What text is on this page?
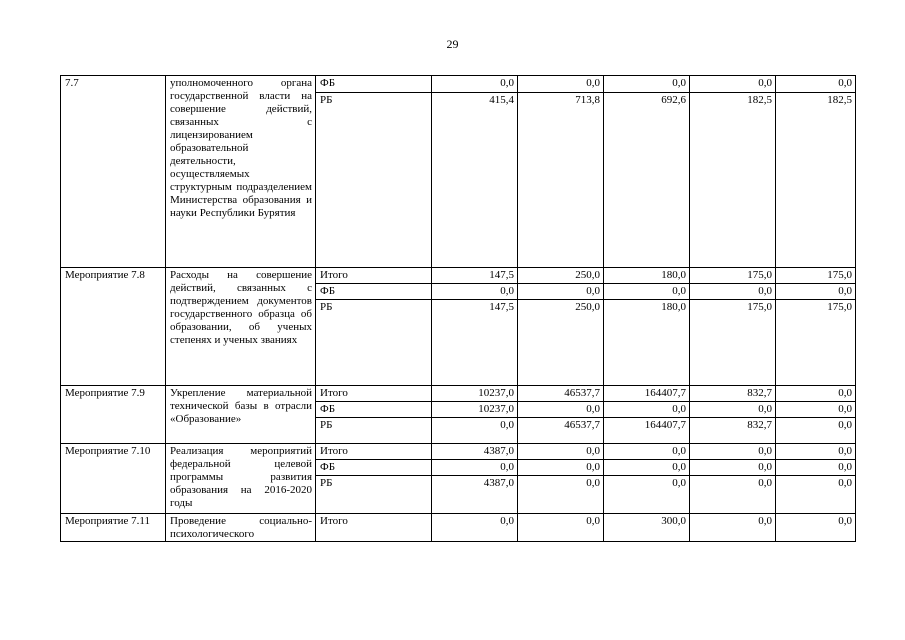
29
7.7	уполномоченного органа государственной власти на совершение действий, связанных с лицензированием образовательной деятельности, осуществляемых структурным подразделением Министерства образования и науки Республики Бурятия	ФБ	0,0	0,0	0,0	0,0	0,0
		РБ	415,4	713,8	692,6	182,5	182,5
Мероприятие 7.8	Расходы на совершение действий, связанных с подтверждением документов государственного образца об образовании, об ученых степенях и ученых званиях	Итого	147,5	250,0	180,0	175,0	175,0
		ФБ	0,0	0,0	0,0	0,0	0,0
		РБ	147,5	250,0	180,0	175,0	175,0
Мероприятие 7.9	Укрепление материальной технической базы в отрасли «Образование»	Итого	10237,0	46537,7	164407,7	832,7	0,0
		ФБ	10237,0	0,0	0,0	0,0	0,0
		РБ	0,0	46537,7	164407,7	832,7	0,0
Мероприятие 7.10	Реализация мероприятий федеральной целевой программы развития образования на 2016-2020 годы	Итого	4387,0	0,0	0,0	0,0	0,0
		ФБ	0,0	0,0	0,0	0,0	0,0
		РБ	4387,0	0,0	0,0	0,0	0,0
Мероприятие 7.11	Проведение социально-психологического	Итого	0,0	0,0	300,0	0,0	0,0
